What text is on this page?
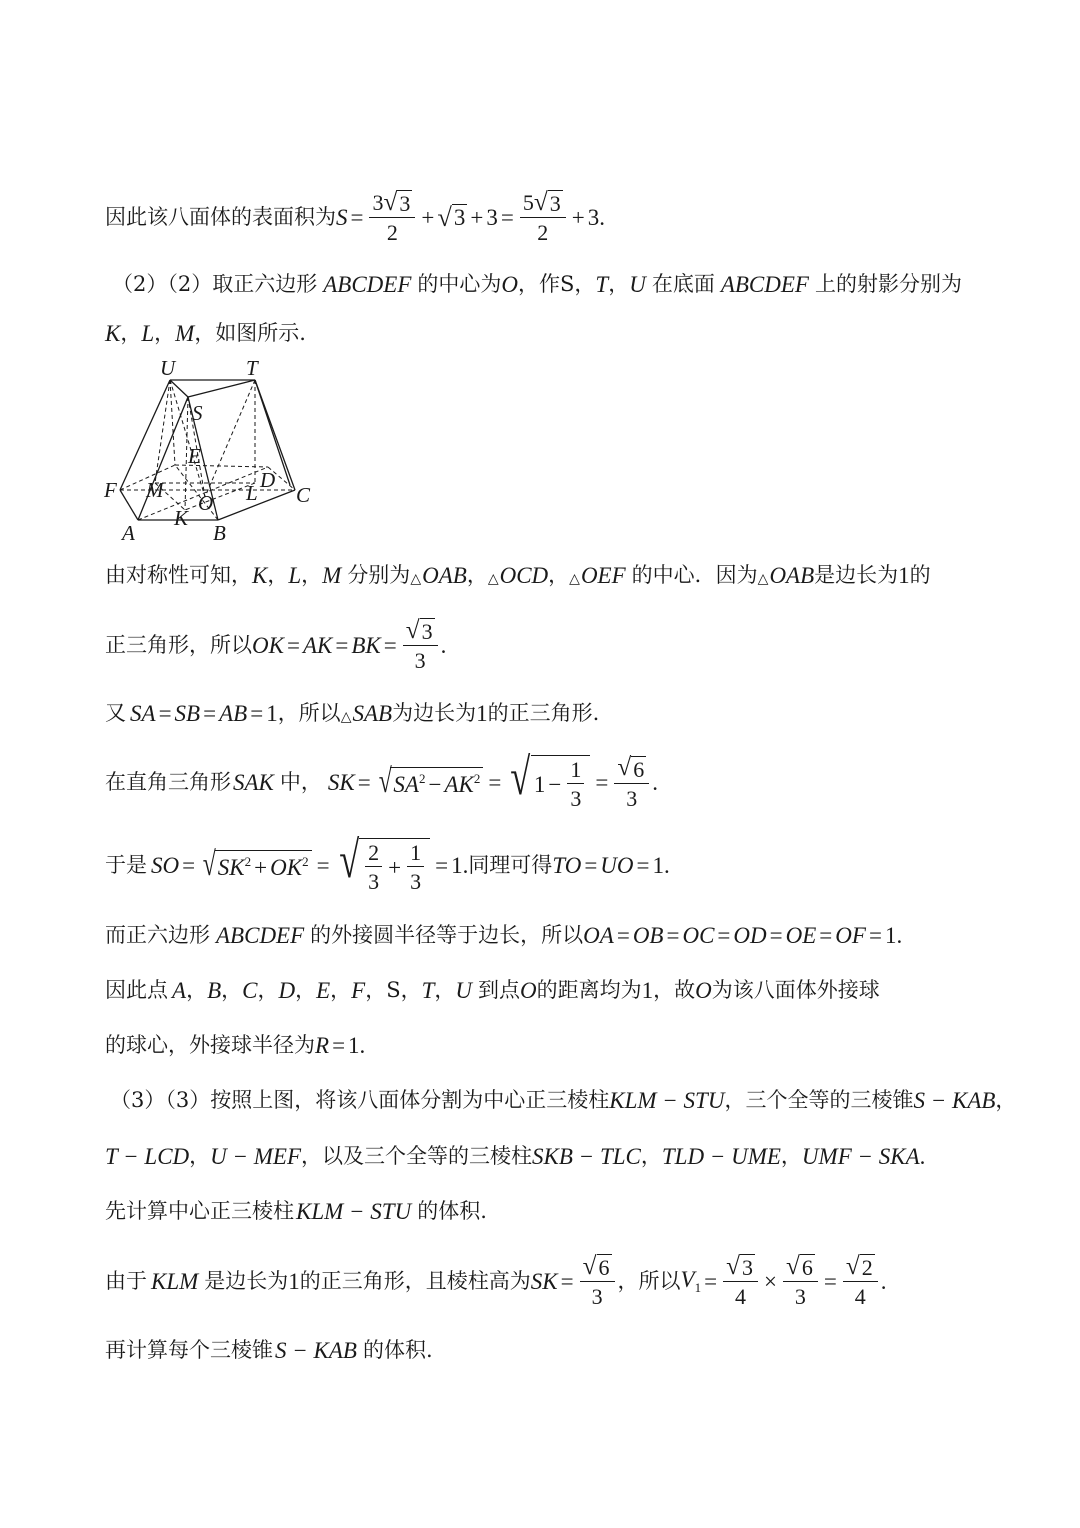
因此该八面体的表面积为 $S = \frac{3 √ 3}{2}$ + √ $3 + 3 = \frac{5 √ 3}{2} + 3$.
（2）（2）取正六边形 ABCDEF 的中心为 O ，作S， T ， U 在底面 ABCDEF 上的射影分别为
K ， L ， M ，如图所示.
U	T
S
E
D
F M	L C
O
K
A	B
由对称性可知， K ， L ， M 分别为 △OAB ， △OCD ， △OEF 的中心．因为 △OAB 是边长为 1 的
正三角形，所以 OK = AK = BK = $\frac{√ 3}{3}$ .
又 SA = SB = AB = 1 ，所以 △SAB 为边长为 1 的正三角形.
在直角三角形 SAK 中， SK = √ $SA^2 - AK^2$ = √ $1 - \frac{1}{3} = \frac{√ 6}{3}$ .
于是 SO = √ $SK^2 + OK^2$ = √ $\frac{2}{3} + \frac{1}{3} = 1$. 同理可得 TO = UO = 1.
而正六边形 ABCDEF 的外接圆半径等于边长，所以 OA = OB = OC = OD = OE = OF = 1.
因此点 A ， B ， C ， D ， E ， F ，S， T ， U 到点 O 的距离均为 1 ，故 O 为该八面体外接球
的球心，外接球半径为 R = 1.
（3）（3）按照上图，将该八面体分割为中心正三棱柱 KLM − STU ，三个全等的三棱锥 S − KAB ，
T − LCD ， U − MEF ，以及三个全等的三棱柱 SKB − TLC ， TLD − UME ， UMF − SKA .
先计算中心正三棱柱 KLM − STU 的体积.
由于 KLM 是边长为 1 的正三角形，且棱柱高为 SK = $\frac{√ 6}{3}$ ，所以 $V_1 = \frac{√ 3}{4} \times \frac{√ 6}{3} = \frac{√ 2}{4}$ .
再计算每个三棱锥 S − KAB 的体积.
